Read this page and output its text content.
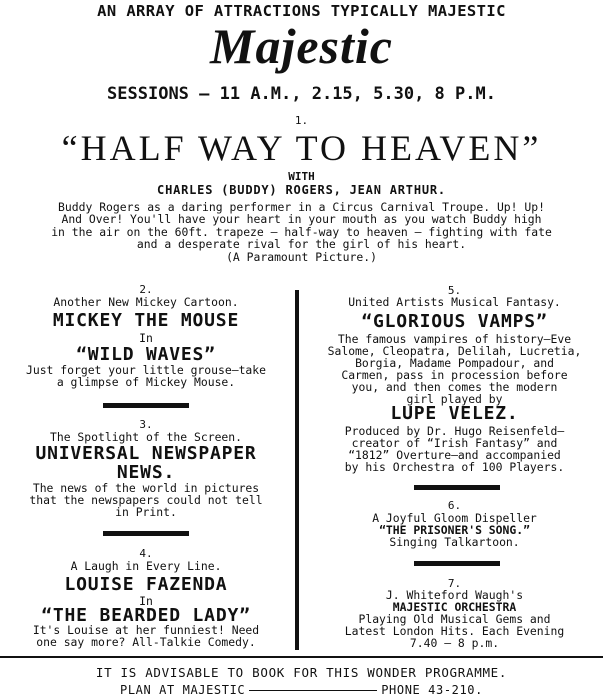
AN ARRAY OF ATTRACTIONS TYPICALLY MAJESTIC
Majestic
SESSIONS — 11 A.M., 2.15, 5.30, 8 P.M.
1.
“HALF WAY TO HEAVEN”
WITH
CHARLES (BUDDY) ROGERS, JEAN ARTHUR.
Buddy Rogers as a daring performer in a Circus Carnival Troupe. Up! Up!
And Over! You'll have your heart in your mouth as you watch Buddy high
in the air on the 60ft. trapeze — half-way to heaven — fighting with fate
and a desperate rival for the girl of his heart.
(A Paramount Picture.)
2.
Another New Mickey Cartoon.
MICKEY THE MOUSE
In
“WILD WAVES”
Just forget your little grouse—take
a glimpse of Mickey Mouse.
3.
The Spotlight of the Screen.
UNIVERSAL NEWSPAPER
NEWS.
The news of the world in pictures
that the newspapers could not tell
in Print.
4.
A Laugh in Every Line.
LOUISE FAZENDA
In
“THE BEARDED LADY”
It's Louise at her funniest! Need
one say more? All-Talkie Comedy.
5.
United Artists Musical Fantasy.
“GLORIOUS VAMPS”
The famous vampires of history—Eve
Salome, Cleopatra, Delilah, Lucretia,
Borgia, Madame Pompadour, and
Carmen, pass in procession before
you, and then comes the modern
girl played by
LUPE VELEZ.
Produced by Dr. Hugo Reisenfeld—
creator of “Irish Fantasy” and
“1812” Overture—and accompanied
by his Orchestra of 100 Players.
6.
A Joyful Gloom Dispeller
“THE PRISONER'S SONG.”
Singing Talkartoon.
7.
J. Whiteford Waugh's
MAJESTIC ORCHESTRA
Playing Old Musical Gems and
Latest London Hits. Each Evening
7.40 — 8 p.m.
IT IS ADVISABLE TO BOOK FOR THIS WONDER PROGRAMME.
PLAN AT MAJESTIC	PHONE 43-210.
